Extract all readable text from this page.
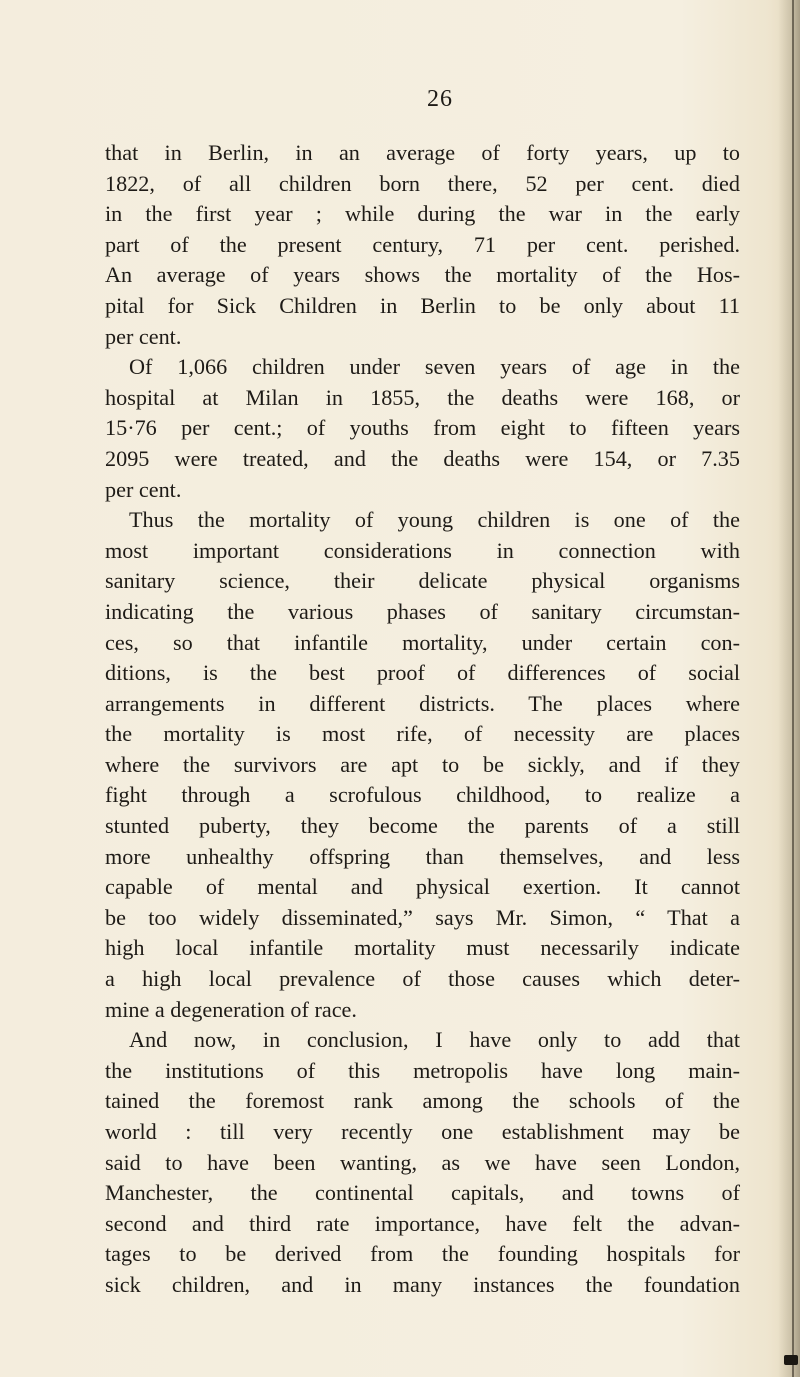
26
that in Berlin, in an average of forty years, up to
1822, of all children born there, 52 per cent. died
in the first year ; while during the war in the early
part of the present century, 71 per cent. perished.
An average of years shows the mortality of the Hos-
pital for Sick Children in Berlin to be only about 11
per cent.
Of 1,066 children under seven years of age in the
hospital at Milan in 1855, the deaths were 168, or
15·76 per cent.; of youths from eight to fifteen years
2095 were treated, and the deaths were 154, or 7.35
per cent.
Thus the mortality of young children is one of the
most important considerations in connection with
sanitary science, their delicate physical organisms
indicating the various phases of sanitary circumstan-
ces, so that infantile mortality, under certain con-
ditions, is the best proof of differences of social
arrangements in different districts. The places where
the mortality is most rife, of necessity are places
where the survivors are apt to be sickly, and if they
fight through a scrofulous childhood, to realize a
stunted puberty, they become the parents of a still
more unhealthy offspring than themselves, and less
capable of mental and physical exertion. It cannot
be too widely disseminated,” says Mr. Simon, “ That a
high local infantile mortality must necessarily indicate
a high local prevalence of those causes which deter-
mine a degeneration of race.
And now, in conclusion, I have only to add that
the institutions of this metropolis have long main-
tained the foremost rank among the schools of the
world : till very recently one establishment may be
said to have been wanting, as we have seen London,
Manchester, the continental capitals, and towns of
second and third rate importance, have felt the advan-
tages to be derived from the founding hospitals for
sick children, and in many instances the foundation
